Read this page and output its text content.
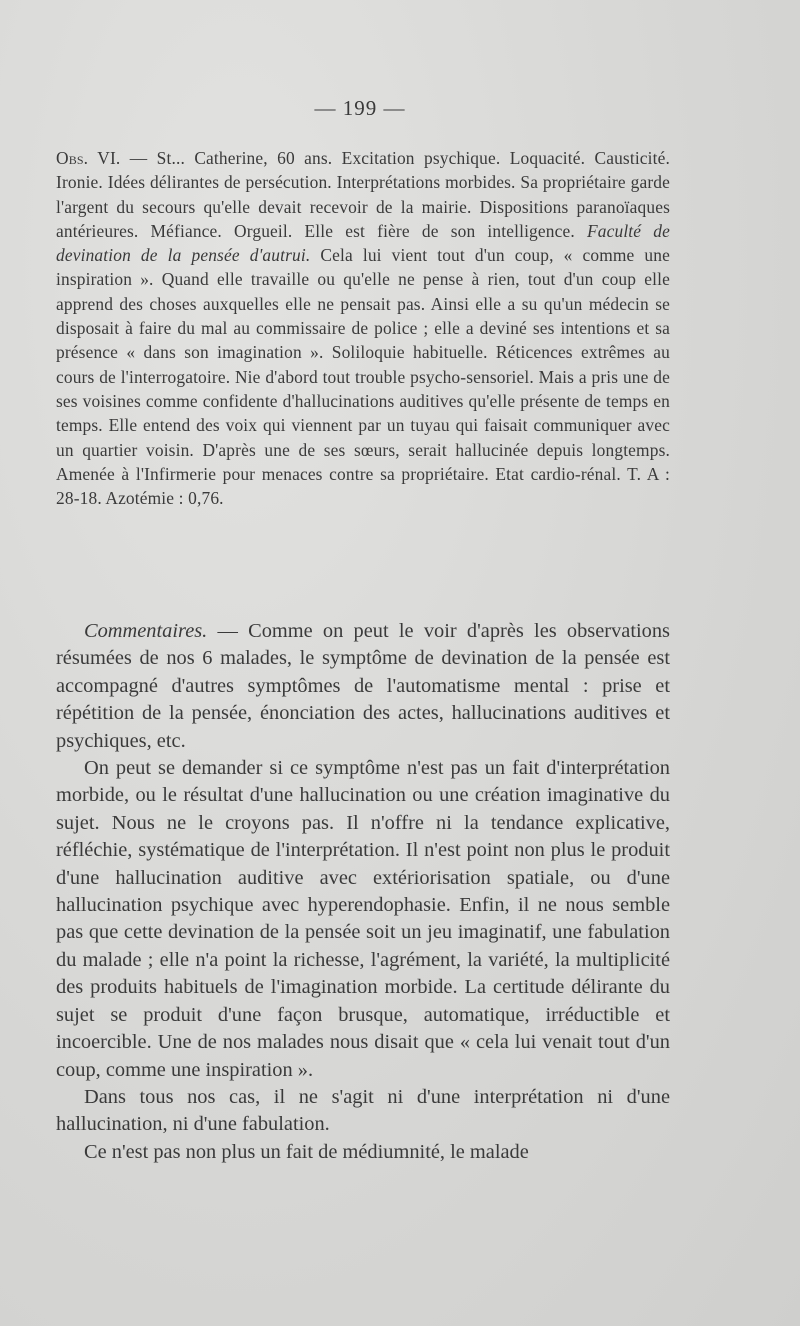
— 199 —

Obs. VI. — St... Catherine, 60 ans. Excitation psychique. Loquacité. Causticité. Ironie. Idées délirantes de persécution. Interprétations morbides. Sa propriétaire garde l'argent du secours qu'elle devait recevoir de la mairie. Dispositions paranoïaques antérieures. Méfiance. Orgueil. Elle est fière de son intelligence. Faculté de devination de la pensée d'autrui. Cela lui vient tout d'un coup, « comme une inspiration ». Quand elle travaille ou qu'elle ne pense à rien, tout d'un coup elle apprend des choses auxquelles elle ne pensait pas. Ainsi elle a su qu'un médecin se disposait à faire du mal au commissaire de police ; elle a deviné ses intentions et sa présence « dans son imagination ». Soliloquie habituelle. Réticences extrêmes au cours de l'interrogatoire. Nie d'abord tout trouble psycho-sensoriel. Mais a pris une de ses voisines comme confidente d'hallucinations auditives qu'elle présente de temps en temps. Elle entend des voix qui viennent par un tuyau qui faisait communiquer avec un quartier voisin. D'après une de ses sœurs, serait hallucinée depuis longtemps. Amenée à l'Infirmerie pour menaces contre sa propriétaire. Etat cardio-rénal. T. A : 28-18. Azotémie : 0,76.

Commentaires. — Comme on peut le voir d'après les observations résumées de nos 6 malades, le symptôme de devination de la pensée est accompagné d'autres symptômes de l'automatisme mental : prise et répétition de la pensée, énonciation des actes, hallucinations auditives et psychiques, etc.

On peut se demander si ce symptôme n'est pas un fait d'interprétation morbide, ou le résultat d'une hallucination ou une création imaginative du sujet. Nous ne le croyons pas. Il n'offre ni la tendance explicative, réfléchie, systématique de l'interprétation. Il n'est point non plus le produit d'une hallucination auditive avec extériorisation spatiale, ou d'une hallucination psychique avec hyperendophasie. Enfin, il ne nous semble pas que cette devination de la pensée soit un jeu imaginatif, une fabulation du malade ; elle n'a point la richesse, l'agrément, la variété, la multiplicité des produits habituels de l'imagination morbide. La certitude délirante du sujet se produit d'une façon brusque, automatique, irréductible et incoercible. Une de nos malades nous disait que « cela lui venait tout d'un coup, comme une inspiration ».

Dans tous nos cas, il ne s'agit ni d'une interprétation ni d'une hallucination, ni d'une fabulation.

Ce n'est pas non plus un fait de médiumnité, le malade
